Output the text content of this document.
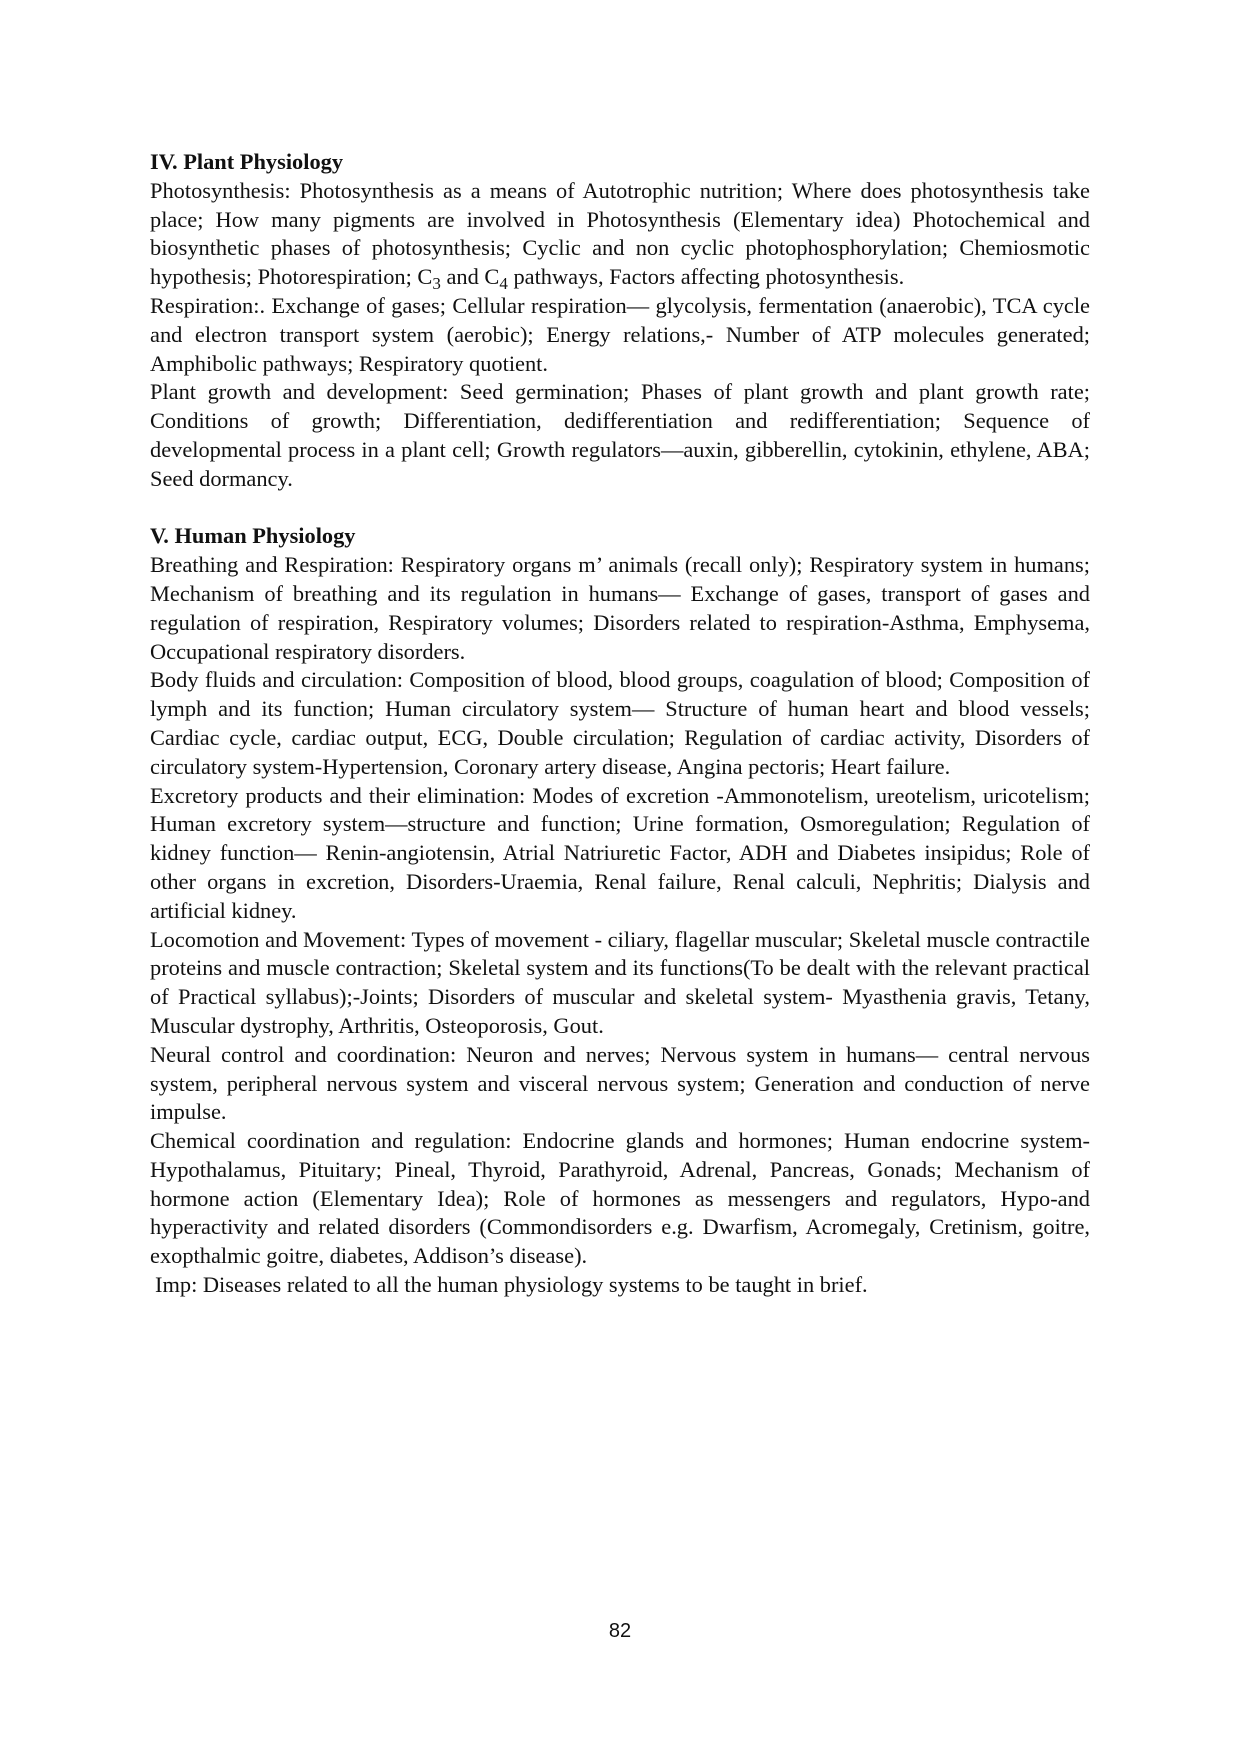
IV. Plant Physiology

Photosynthesis: Photosynthesis as a means of Autotrophic nutrition; Where does photosynthesis take place; How many pigments are involved in Photosynthesis (Elementary idea) Photochemical and biosynthetic phases of photosynthesis; Cyclic and non cyclic photophosphorylation; Chemiosmotic hypothesis; Photorespiration; $C_3$ and $C_4$ pathways, Factors affecting photosynthesis.

Respiration:. Exchange of gases; Cellular respiration— glycolysis, fermentation (anaerobic), TCA cycle and electron transport system (aerobic); Energy relations,- Number of ATP molecules generated; Amphibolic pathways; Respiratory quotient.

Plant growth and development: Seed germination; Phases of plant growth and plant growth rate; Conditions of growth; Differentiation, dedifferentiation and redifferentiation; Sequence of developmental process in a plant cell; Growth regulators—auxin, gibberellin, cytokinin, ethylene, ABA; Seed dormancy.

V. Human Physiology

Breathing and Respiration: Respiratory organs m’ animals (recall only); Respiratory system in humans; Mechanism of breathing and its regulation in humans— Exchange of gases, transport of gases and regulation of respiration, Respiratory volumes; Disorders related to respiration-Asthma, Emphysema, Occupational respiratory disorders.

Body fluids and circulation: Composition of blood, blood groups, coagulation of blood; Composition of lymph and its function; Human circulatory system— Structure of human heart and blood vessels; Cardiac cycle, cardiac output, ECG, Double circulation; Regulation of cardiac activity, Disorders of circulatory system-Hypertension, Coronary artery disease, Angina pectoris; Heart failure.

Excretory products and their elimination: Modes of excretion -Ammonotelism, ureotelism, uricotelism; Human excretory system—structure and function; Urine formation, Osmoregulation; Regulation of kidney function— Renin-angiotensin, Atrial Natriuretic Factor, ADH and Diabetes insipidus; Role of other organs in excretion, Disorders-Uraemia, Renal failure, Renal calculi, Nephritis; Dialysis and artificial kidney.

Locomotion and Movement: Types of movement - ciliary, flagellar muscular; Skeletal muscle contractile proteins and muscle contraction; Skeletal system and its functions(To be dealt with the relevant practical of Practical syllabus);-Joints; Disorders of muscular and skeletal system- Myasthenia gravis, Tetany, Muscular dystrophy, Arthritis, Osteoporosis, Gout.

Neural control and coordination: Neuron and nerves; Nervous system in humans— central nervous system, peripheral nervous system and visceral nervous system; Generation and conduction of nerve impulse.

Chemical coordination and regulation: Endocrine glands and hormones; Human endocrine system- Hypothalamus, Pituitary; Pineal, Thyroid, Parathyroid, Adrenal, Pancreas, Gonads; Mechanism of hormone action (Elementary Idea); Role of hormones as messengers and regulators, Hypo-and hyperactivity and related disorders (Commondisorders e.g. Dwarfism, Acromegaly, Cretinism, goitre, exopthalmic goitre, diabetes, Addison’s disease).

Imp: Diseases related to all the human physiology systems to be taught in brief.

82
